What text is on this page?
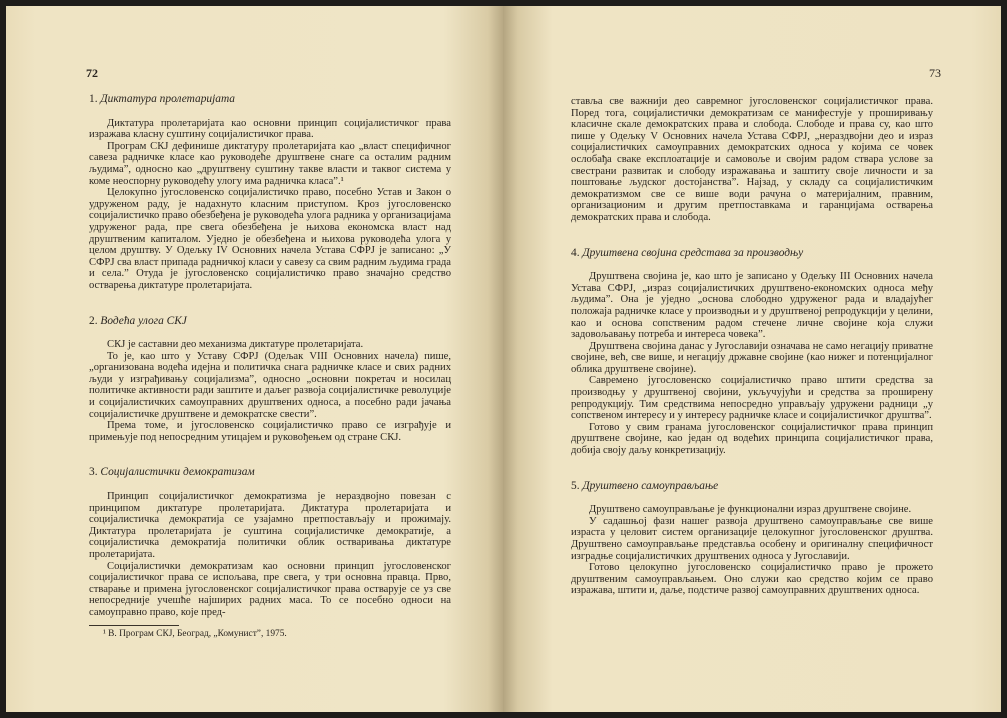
72
1. Диктатура пролетаријата

Диктатура пролетаријата као основни принцип социјалистичког права изражава класну суштину социјалистичког права.

Програм СКЈ дефинише диктатуру пролетаријата као „власт специфичног савеза радничке класе као руководеће друштвене снаге са осталим радним људима”, односно као „друштвену суштину такве власти и таквог система у коме неоспорну руководећу улогу има радничка класа”.¹

Целокупно југословенско социјалистичко право, посебно Устав и Закон о удруженом раду, је надахнуто класним приступом. Кроз југословенско социјалистичко право обезбеђена је руководећа улога радника у организацијама удруженог рада, пре свега обезбеђена је њихова економска власт над друштвеним капиталом. Уједно је обезбеђена и њихова руководећа улога у целом друштву. У Одељку IV Основних начела Устава СФРЈ је записано: „У СФРЈ сва власт припада радничкој класи у савезу са свим радним људима града и села.” Отуда је југословенско социјалистичко право значајно средство остварења диктатуре пролетаријата.

2. Водећа улога СКЈ

СКЈ је саставни део механизма диктатуре пролетаријата.

То је, као што у Уставу СФРЈ (Одељак VIII Основних начела) пише, „организована водећа идејна и политичка снага радничке класе и свих радних људи у изграђивању социјализма”, односно „основни покретач и носилац политичке активности ради заштите и даљег развоја социјалистичке револуције и социјалистичких самоуправних друштвених односа, а посебно ради јачања социјалистичке друштвене и демократске свести”.

Према томе, и југословенско социјалистичко право се изграђује и примењује под непосредним утицајем и руковођењем од стране СКЈ.

3. Социјалистички демократизам

Принцип социјалистичког демократизма је нераздвојно повезан с принципом диктатуре пролетаријата. Диктатура пролетаријата и социјалистичка демократија се узајамно претпостављају и прожимају. Диктатура пролетаријата је суштина социјалистичке демократије, а социјалистичка демократија политички облик остваривања диктатуре пролетаријата.

Социјалистички демократизам као основни принцип југословенског социјалистичког права се испољава, пре свега, у три основна правца. Прво, стварање и примена југословенског социјалистичког права остварује се уз све непосредније учешће најширих радних маса. То се посебно односи на самоуправно право, које пред-

¹ В. Програм СКЈ, Београд, „Комунист”, 1975.
73

ставља све важнији део савремног југословенског социјалистичког права. Поред тога, социјалистички демократизам се манифестује у проширивању класичне скале демократских права и слобода. Слободе и права су, као што пише у Одељку V Основних начела Устава СФРЈ, „нераздвојни део и израз социјалистичких самоуправних демократских односа у којима се човек ослобађа сваке експлоатације и самовоље и својим радом ствара услове за свестрани развитак и слободу изражавања и заштиту своје личности и за поштовање људског достојанства”. Најзад, у складу са социјалистичким демократизмом све се више води рачуна о материјалним, правним, организационим и другим претпоставкама и гаранцијама остварења демократских права и слобода.

4. Друштвена својина средстава за производњу

Друштвена својина је, као што је записано у Одељку III Основних начела Устава СФРЈ, „израз социјалистичких друштвено-економских односа међу људима”. Она је уједно „основа слободно удруженог рада и владајућег положаја радничке класе у производњи и у друштвеној репродукцији у целини, као и основа сопственим радом стечене личне својине која служи задовољавању потреба и интереса човека”.

Друштвена својина данас у Југославији означава не само негацију приватне својине, већ, све више, и негацију државне својине (као нижег и потенцијалног облика друштвене својине).

Савремено југословенско социјалистичко право штити средства за производњу у друштвеној својини, укључујући и средства за проширену репродукцију. Тим средствима непосредно управљају удружени радници „у сопственом интересу и у интересу радничке класе и социјалистичког друштва”.

Готово у свим гранама југословенског социјалистичког права принцип друштвене својине, као један од водећих принципа социјалистичког права, добија своју даљу конкретизацију.

5. Друштвено самоуправљање

Друштвено самоуправљање је функционални израз друштвене својине.

У садашњој фази нашег развоја друштвено самоуправљање све више израста у целовит систем организације целокупног југословенског друштва. Друштвено самоуправљање представља особену и оригиналну специфичност изградње социјалистичких друштвених односа у Југославији.

Готово целокупно југословенско социјалистичко право је прожето друштвеним самоуправљањем. Оно служи као средство којим се право изражава, штити и, даље, подстиче развој самоуправних друштвених односа.
